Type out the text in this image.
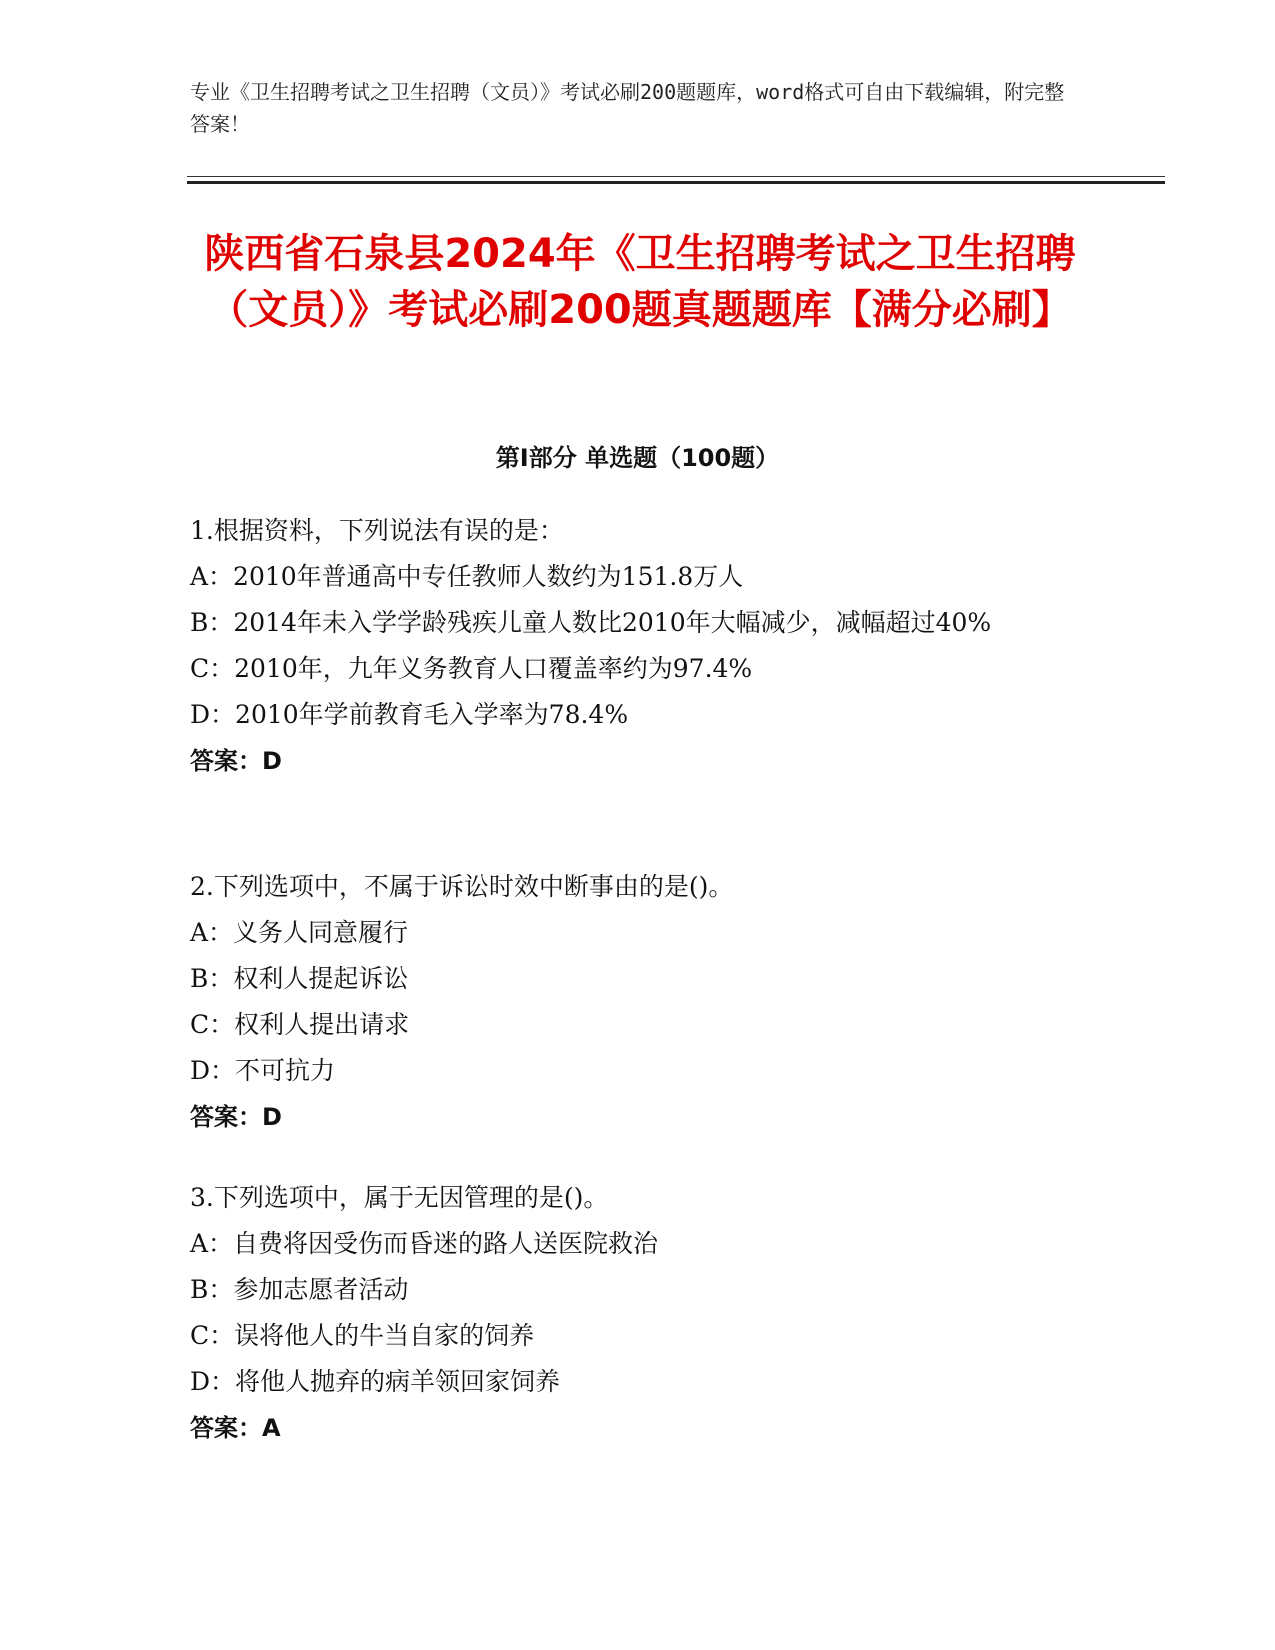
专业《卫生招聘考试之卫生招聘（文员）》考试必刷200题题库，word格式可自由下载编辑，附完整答案！
陕西省石泉县2024年《卫生招聘考试之卫生招聘（文员）》考试必刷200题真题题库【满分必刷】
第I部分 单选题（100题）
1.根据资料，下列说法有误的是：
A：2010年普通高中专任教师人数约为151.8万人
B：2014年未入学学龄残疾儿童人数比2010年大幅减少，减幅超过40%
C：2010年，九年义务教育人口覆盖率约为97.4%
D：2010年学前教育毛入学率为78.4%
答案：D
2.下列选项中，不属于诉讼时效中断事由的是()。
A：义务人同意履行
B：权利人提起诉讼
C：权利人提出请求
D：不可抗力
答案：D
3.下列选项中，属于无因管理的是()。
A：自费将因受伤而昏迷的路人送医院救治
B：参加志愿者活动
C：误将他人的牛当自家的饲养
D：将他人抛弃的病羊领回家饲养
答案：A
